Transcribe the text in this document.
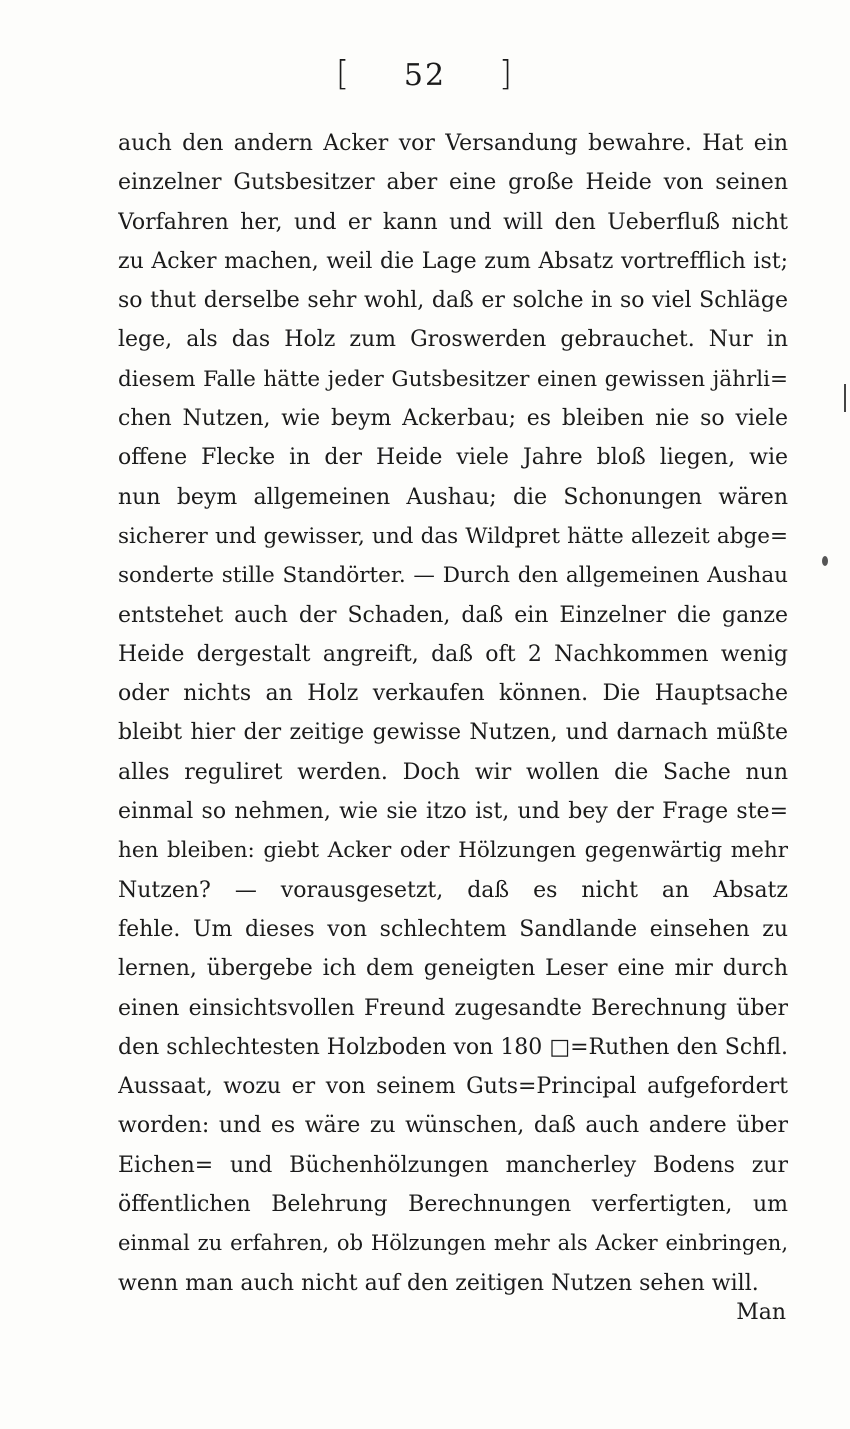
[ 52 ]
auch den andern Acker vor Versandung bewahre. Hat ein
einzelner Gutsbesitzer aber eine große Heide von seinen
Vorfahren her, und er kann und will den Ueberfluß nicht
zu Acker machen, weil die Lage zum Absatz vortrefflich ist;
so thut derselbe sehr wohl, daß er solche in so viel Schläge
lege, als das Holz zum Groswerden gebrauchet. Nur in
diesem Falle hätte jeder Gutsbesitzer einen gewissen jährli=
chen Nutzen, wie beym Ackerbau; es bleiben nie so viele
offene Flecke in der Heide viele Jahre bloß liegen, wie
nun beym allgemeinen Aushau; die Schonungen wären
sicherer und gewisser, und das Wildpret hätte allezeit abge=
sonderte stille Standörter. — Durch den allgemeinen Aushau
entstehet auch der Schaden, daß ein Einzelner die ganze
Heide dergestalt angreift, daß oft 2 Nachkommen wenig
oder nichts an Holz verkaufen können. Die Hauptsache
bleibt hier der zeitige gewisse Nutzen, und darnach müßte
alles reguliret werden. Doch wir wollen die Sache nun
einmal so nehmen, wie sie itzo ist, und bey der Frage ste=
hen bleiben: giebt Acker oder Hölzungen gegenwärtig mehr
Nutzen? — vorausgesetzt, daß es nicht an Absatz
fehle. Um dieses von schlechtem Sandlande einsehen zu
lernen, übergebe ich dem geneigten Leser eine mir durch
einen einsichtsvollen Freund zugesandte Berechnung über
den schlechtesten Holzboden von 180 □=Ruthen den Schfl.
Aussaat, wozu er von seinem Guts=Principal aufgefordert
worden: und es wäre zu wünschen, daß auch andere über
Eichen= und Büchenhölzungen mancherley Bodens zur
öffentlichen Belehrung Berechnungen verfertigten, um
einmal zu erfahren, ob Hölzungen mehr als Acker einbringen,
wenn man auch nicht auf den zeitigen Nutzen sehen will.
Man
